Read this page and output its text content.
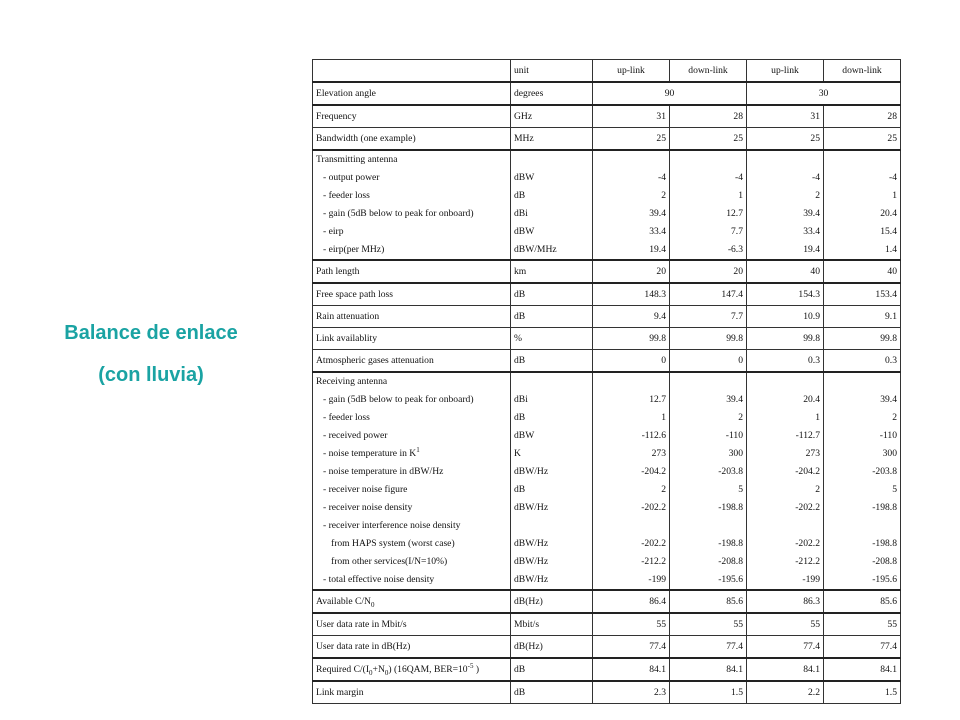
Balance de enlace
(con lluvia)
	unit	up-link	down-link	up-link	down-link
Elevation angle	degrees	90		30	
Frequency	GHz	31	28	31	28
Bandwidth (one example)	MHz	25	25	25	25
Transmitting antenna					
- output power	dBW	-4	-4	-4	-4
- feeder loss	dB	2	1	2	1
- gain (5dB below to peak for onboard)	dBi	39.4	12.7	39.4	20.4
- eirp	dBW	33.4	7.7	33.4	15.4
- eirp(per MHz)	dBW/MHz	19.4	-6.3	19.4	1.4
Path length	km	20	20	40	40
Free space path loss	dB	148.3	147.4	154.3	153.4
Rain attenuation	dB	9.4	7.7	10.9	9.1
Link availablity	%	99.8	99.8	99.8	99.8
Atmospheric gases attenuation	dB	0	0	0.3	0.3
Receiving antenna					
- gain (5dB below to peak for onboard)	dBi	12.7	39.4	20.4	39.4
- feeder loss	dB	1	2	1	2
- received power	dBW	-112.6	-110	-112.7	-110
- noise temperature in $K^1$	K	273	300	273	300
- noise temperature in dBW/Hz	dBW/Hz	-204.2	-203.8	-204.2	-203.8
- receiver noise figure	dB	2	5	2	5
- receiver noise density	dBW/Hz	-202.2	-198.8	-202.2	-198.8
- receiver interference noise density					
from HAPS system (worst case)	dBW/Hz	-202.2	-198.8	-202.2	-198.8
from other services(I/N=10%)	dBW/Hz	-212.2	-208.8	-212.2	-208.8
- total effective noise density	dBW/Hz	-199	-195.6	-199	-195.6
Available $C/N_0$	dB(Hz)	86.4	85.6	86.3	85.6
User data rate in Mbit/s	Mbit/s	55	55	55	55
User data rate in dB(Hz)	dB(Hz)	77.4	77.4	77.4	77.4
Required $C/(I_0+N_0)$ (16QAM, $BER=10^{-5}$ )	dB	84.1	84.1	84.1	84.1
Link margin	dB	2.3	1.5	2.2	1.5
